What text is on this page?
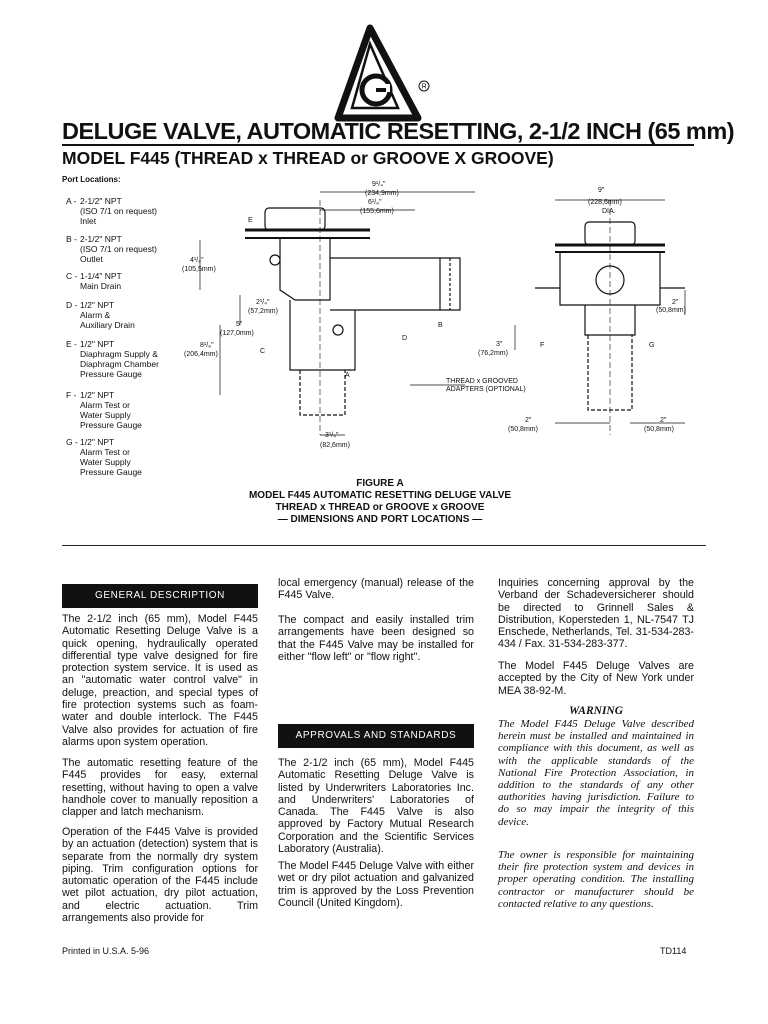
R
DELUGE VALVE, AUTOMATIC RESETTING, 2-1/2 INCH (65 mm)
MODEL F445 (THREAD x THREAD or GROOVE X GROOVE)
Port Locations:
A - 2-1/2" NPT
(ISO 7/1 on request)
Inlet
B - 2-1/2" NPT
(ISO 7/1 on request)
Outlet
C - 1-1/4" NPT
Main Drain
D - 1/2" NPT
Alarm &
Auxiliary Drain
E - 1/2" NPT
Diaphragm Supply &
Diaphragm Chamber
Pressure Gauge
F - 1/2" NPT
Alarm Test or
Water Supply
Pressure Gauge
G - 1/2" NPT
Alarm Test or
Water Supply
Pressure Gauge
9¹/₄"
(234,9mm)
6¹/₈"
(155,6mm)
4¹/₈"
(105,5mm)
2¹/₄"
(57,2mm)
5"
(127,0mm)
8¹/₈"
(206,4mm)
3¹/₄"
(82,6mm)
9"
(228,6mm)
DIA.
2"
(50,8mm)
3"
(76,2mm)
2"
(50,8mm)
2"
(50,8mm)
A
B
C
D
E
F	G
THREAD x GROOVED
ADAPTERS (OPTIONAL)
FIGURE A
MODEL F445 AUTOMATIC RESETTING DELUGE VALVE
THREAD x THREAD or GROOVE x GROOVE
— DIMENSIONS AND PORT LOCATIONS —
GENERAL DESCRIPTION

The 2-1/2 inch (65 mm), Model F445 Automatic Resetting Deluge Valve is a quick opening, hydraulically operated differential type valve designed for fire protection system service. It is used as an "automatic water control valve" in deluge, preaction, and special types of fire protection systems such as foam-water and double interlock. The F445 Valve also provides for actuation of fire alarms upon system operation.

The automatic resetting feature of the F445 provides for easy, external resetting, without having to open a valve handhole cover to manually reposition a clapper and latch mechanism.

Operation of the F445 Valve is provided by an actuation (detection) system that is separate from the normally dry system piping. Trim configuration options for automatic operation of the F445 include wet pilot actuation, dry pilot actuation, and electric actuation. Trim arrangements also provide for

local emergency (manual) release of the F445 Valve.

The compact and easily installed trim arrangements have been designed so that the F445 Valve may be installed for either "flow left" or "flow right".

APPROVALS AND STANDARDS

The 2-1/2 inch (65 mm), Model F445 Automatic Resetting Deluge Valve is listed by Underwriters Laboratories Inc. and Underwriters' Laboratories of Canada. The F445 Valve is also approved by Factory Mutual Research Corporation and the Scientific Services Laboratory (Australia).

The Model F445 Deluge Valve with either wet or dry pilot actuation and galvanized trim is approved by the Loss Prevention Council (United Kingdom).

Inquiries concerning approval by the Verband der Schadeversicherer should be directed to Grinnell Sales & Distribution, Kopersteden 1, NL-7547 TJ Enschede, Netherlands, Tel. 31-534-283-434 / Fax. 31-534-283-377.

The Model F445 Deluge Valves are accepted by the City of New York under MEA 38-92-M.

WARNING

The Model F445 Deluge Valve described herein must be installed and maintained in compliance with this document, as well as with the applicable standards of the National Fire Protection Association, in addition to the standards of any other authorities having jurisdiction. Failure to do so may impair the integrity of this device.

The owner is responsible for maintaining their fire protection system and devices in proper operating condition. The installing contractor or manufacturer should be contacted relative to any questions.

Printed in U.S.A. 5-96	TD114
